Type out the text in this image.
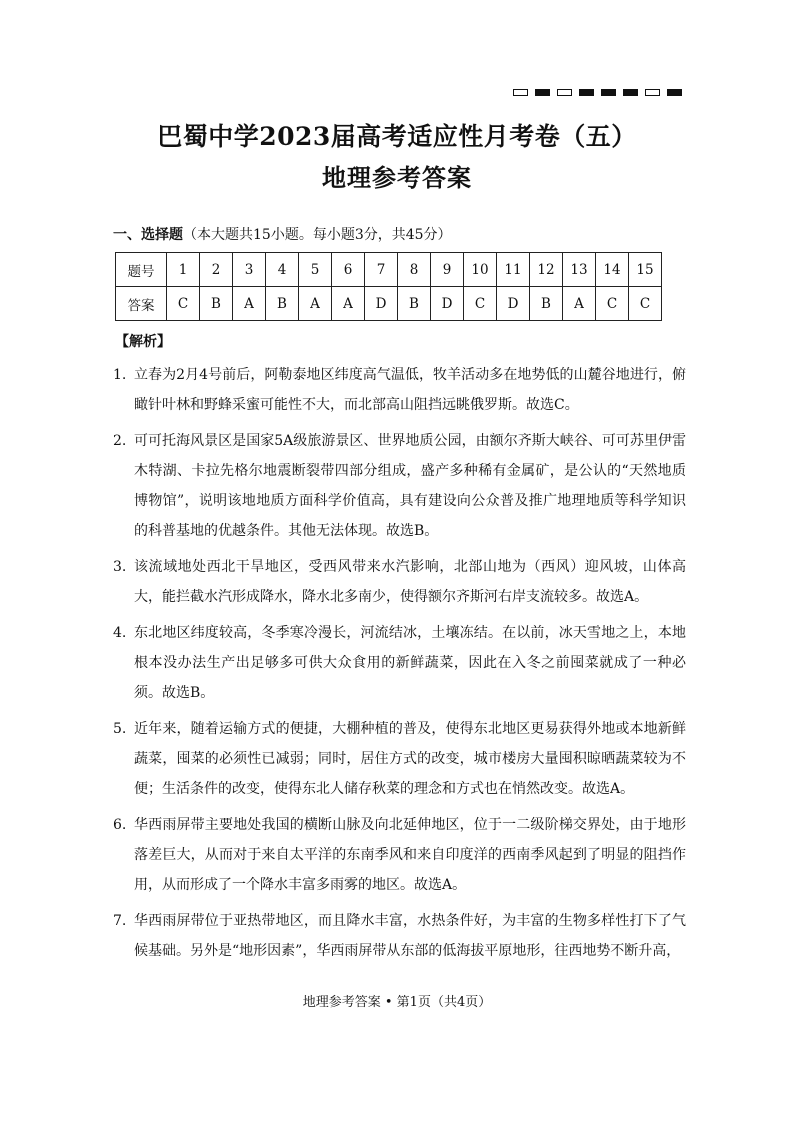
巴蜀中学2023届高考适应性月考卷（五）
地理参考答案
一、选择题（本大题共15小题。每小题3分，共45分）
题号	1	2	3	4	5	6	7	8	9	10	11	12	13	14	15
答案	C	B	A	B	A	A	D	B	D	C	D	B	A	C	C
【解析】
1. 立春为2月4号前后，阿勒泰地区纬度高气温低，牧羊活动多在地势低的山麓谷地进行，俯瞰针叶林和野蜂采蜜可能性不大，而北部高山阻挡远眺俄罗斯。故选C。
2. 可可托海风景区是国家5A级旅游景区、世界地质公园，由额尔齐斯大峡谷、可可苏里伊雷木特湖、卡拉先格尔地震断裂带四部分组成，盛产多种稀有金属矿，是公认的“天然地质博物馆”，说明该地地质方面科学价值高，具有建设向公众普及推广地理地质等科学知识的科普基地的优越条件。其他无法体现。故选B。
3. 该流域地处西北干旱地区，受西风带来水汽影响，北部山地为（西风）迎风坡，山体高大，能拦截水汽形成降水，降水北多南少，使得额尔齐斯河右岸支流较多。故选A。
4. 东北地区纬度较高，冬季寒冷漫长，河流结冰，土壤冻结。在以前，冰天雪地之上，本地根本没办法生产出足够多可供大众食用的新鲜蔬菜，因此在入冬之前囤菜就成了一种必须。故选B。
5. 近年来，随着运输方式的便捷，大棚种植的普及，使得东北地区更易获得外地或本地新鲜蔬菜，囤菜的必须性已减弱；同时，居住方式的改变，城市楼房大量囤积晾晒蔬菜较为不便；生活条件的改变，使得东北人储存秋菜的理念和方式也在悄然改变。故选A。
6. 华西雨屏带主要地处我国的横断山脉及向北延伸地区，位于一二级阶梯交界处，由于地形落差巨大，从而对于来自太平洋的东南季风和来自印度洋的西南季风起到了明显的阻挡作用，从而形成了一个降水丰富多雨雾的地区。故选A。
7. 华西雨屏带位于亚热带地区，而且降水丰富，水热条件好，为丰富的生物多样性打下了气候基础。另外是“地形因素”，华西雨屏带从东部的低海拔平原地形，往西地势不断升高，
地理参考答案 • 第1页（共4页）
